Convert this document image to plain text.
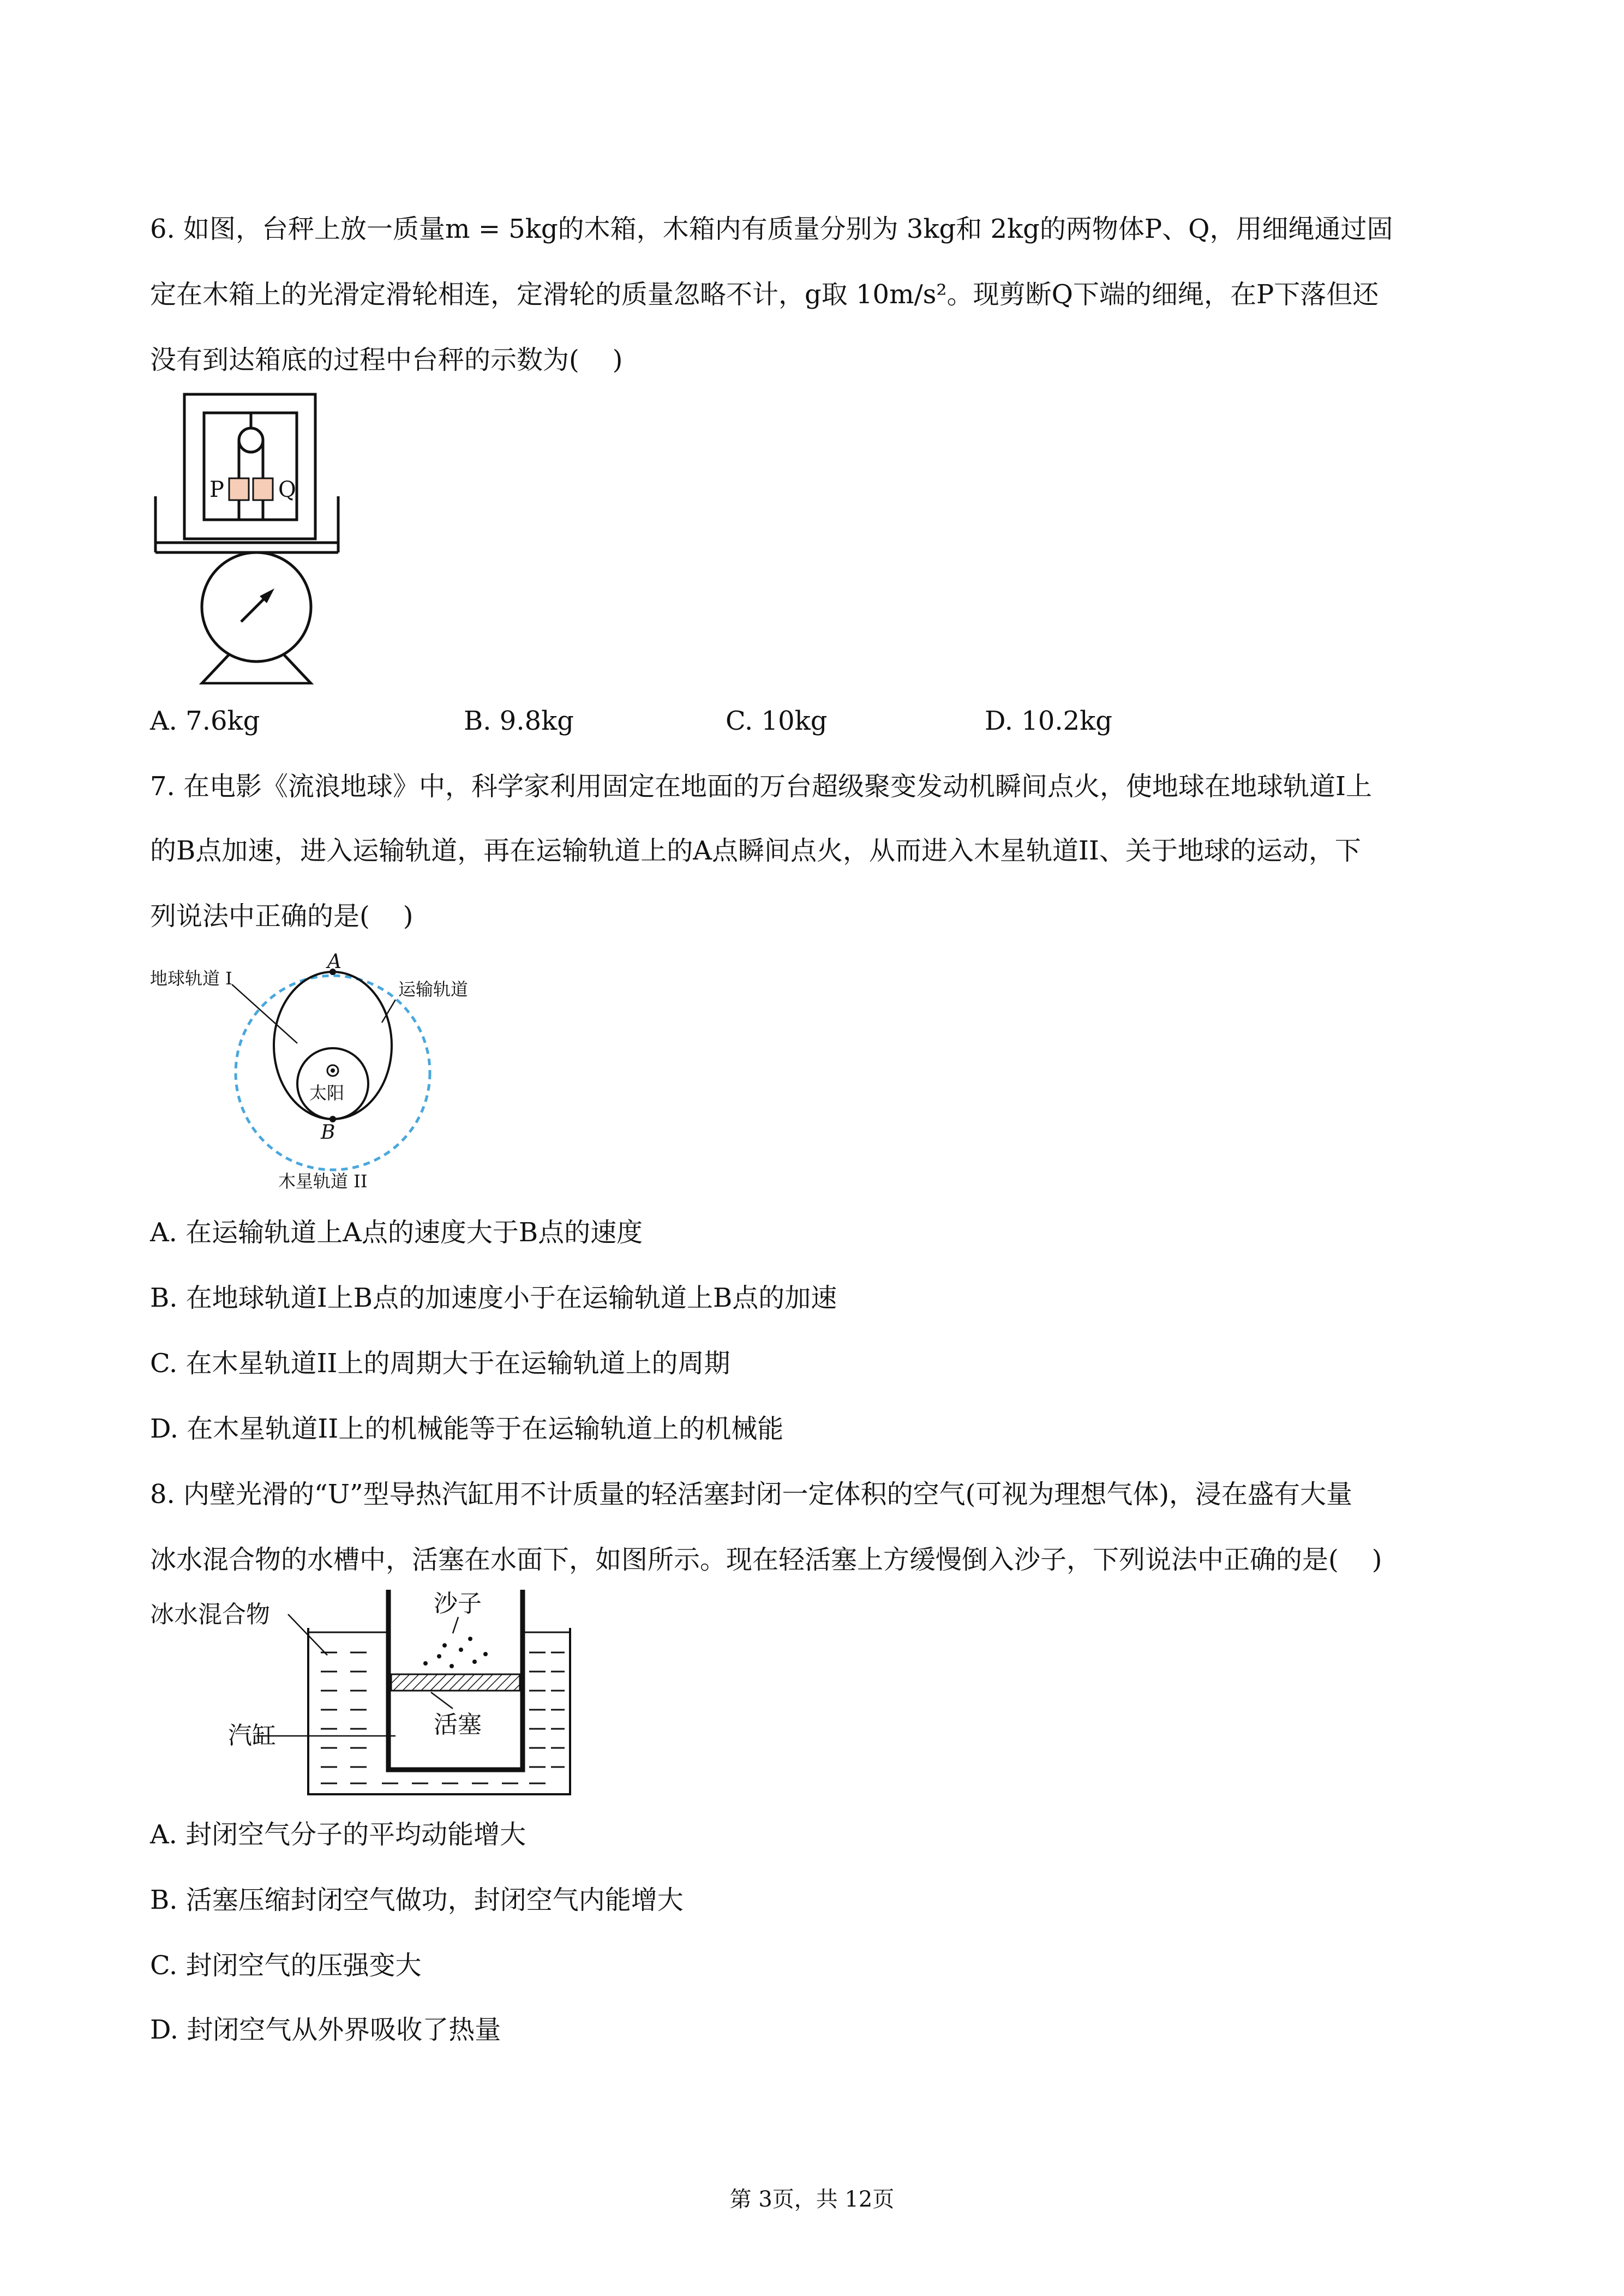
6. 如图，台秤上放一质量m = 5kg的木箱，木箱内有质量分别为 3kg和 2kg的两物体P、Q，用细绳通过固
定在木箱上的光滑定滑轮相连，定滑轮的质量忽略不计，g取 10m/s²。现剪断Q下端的细绳，在P下落但还
没有到达箱底的过程中台秤的示数为(    )
P Q
A. 7.6kg	B. 9.8kg	C. 10kg	D. 10.2kg
7. 在电影《流浪地球》中，科学家利用固定在地面的万台超级聚变发动机瞬间点火，使地球在地球轨道I上
的B点加速，进入运输轨道，再在运输轨道上的A点瞬间点火，从而进入木星轨道II、关于地球的运动，下
列说法中正确的是(    )
A
B
地球轨道 I
运输轨道
太阳
木星轨道 II
A. 在运输轨道上A点的速度大于B点的速度
B. 在地球轨道I上B点的加速度小于在运输轨道上B点的加速
C. 在木星轨道II上的周期大于在运输轨道上的周期
D. 在木星轨道II上的机械能等于在运输轨道上的机械能
8. 内壁光滑的“U”型导热汽缸用不计质量的轻活塞封闭一定体积的空气(可视为理想气体)，浸在盛有大量
冰水混合物的水槽中，活塞在水面下，如图所示。现在轻活塞上方缓慢倒入沙子，下列说法中正确的是(    )
冰水混合物	沙子
汽缸	活塞
A. 封闭空气分子的平均动能增大
B. 活塞压缩封闭空气做功，封闭空气内能增大
C. 封闭空气的压强变大
D. 封闭空气从外界吸收了热量
第 3页，共 12页
